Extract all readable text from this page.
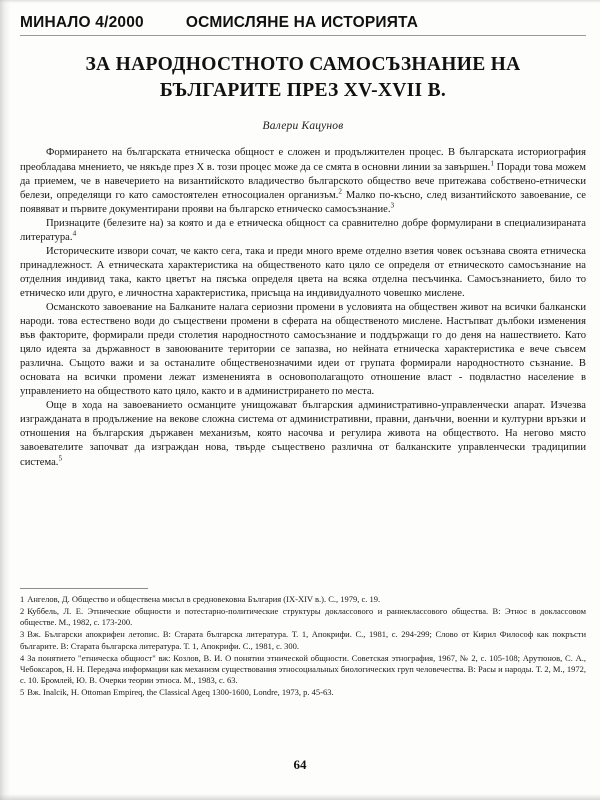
МИНАЛО 4/2000	ОСМИСЛЯНЕ НА ИСТОРИЯТА
ЗА НАРОДНОСТНОТО САМОСЪЗНАНИЕ НА
БЪЛГАРИТЕ ПРЕЗ XV-XVII В.
Валери Кацунов

Формирането на българската етническа общност е сложен и продължителен процес. В българската историография преобладава мнението, че някъде през X в. този процес може да се смята в основни линии за завършен.$^1$ Поради това можем да приемем, че в навечерието на византийското владичество българското общество вече притежава собствено-етнически белези, определящи го като самостоятелен етносоциален организъм.$^2$ Малко по-късно, след византийското завоевание, се появяват и първите документирани прояви на българско етническо самосъзнание.$^3$

Признаците (белезите на) за която и да е етническа общност са сравнително добре формулирани в специализираната литература.$^4$

Историческите извори сочат, че както сега, така и преди много време отделно взетия човек осъзнава своята етническа принадлежност. А етническата характеристика на общественото като цяло се определя от етническото самосъзнание на отделния индивид така, както цветът на пясъка определя цвета на всяка отделна песъчинка. Самосъзнанието, било то етническо или друго, е личностна характеристика, присъща на индивидуалното човешко мислене.

Османското завоевание на Балканите налага сериозни промени в условията на обществен живот на всички балкански народи. това естествено води до съществени промени в сферата на общественото мислене. Настъпват дълбоки изменения във факторите, формирали преди столетия народностното самосъзнание и поддържащи го до деня на нашествието. Като цяло идеята за държавност в завоюваните територии се запазва, но нейната етническа характеристика е вече съвсем различна. Същото важи и за останалите общественозначими идеи от групата формирали народностното съзнание. В основата на всички промени лежат измененията в основополагащото отношение власт - подвластно население в управлението на обществото като цяло, както и в администрирането по места.

Още в хода на завоеванието османците унищожават българския административно-управленчески апарат. Изчезва изгражданата в продължение на векове сложна система от административни, правни, данъчни, военни и културни връзки и отношения на българския държавен механизъм, която насочва и регулира живота на обществото. На негово място завоевателите започват да изграждан нова, твърде съществено различна от балканските управленчески традиципии система.$^5$

1 Ангелов, Д. Общество и обществена мисъл в средновековна България (IX-XIV в.). С., 1979, с. 19.

2 Куббель, Л. Е. Этнические общности и потестарно-политические структуры доклассового и раннеклассового общества. В: Этнос в доклассовом обществе. М., 1982, с. 173-200.

3 Вж. Български апокрифен летопис. В: Старата българска литература. Т. 1, Апокрифи. С., 1981, с. 294-299; Слово от Кирил Философ как покръсти българите. В: Старата българска литература. Т. 1, Апокрифи. С., 1981, с. 300.

4 За понятието "етническа общност" вж: Козлов, В. И. О понятии этнической общности. Советская этнография, 1967, № 2, с. 105-108; Арутюнов, С. А., Чебоксаров, Н. Н. Передача информации как механизм существования этносоциальных биологических груп человечества. В: Расы и народы. Т. 2, М., 1972, с. 10. Бромлей, Ю. В. Очерки теории этноса. М., 1983, с. 63.

5 Вж. Inalcik, H. Ottoman Empireq, the Classical Ageq 1300-1600, Londre, 1973, p. 45-63.

64
